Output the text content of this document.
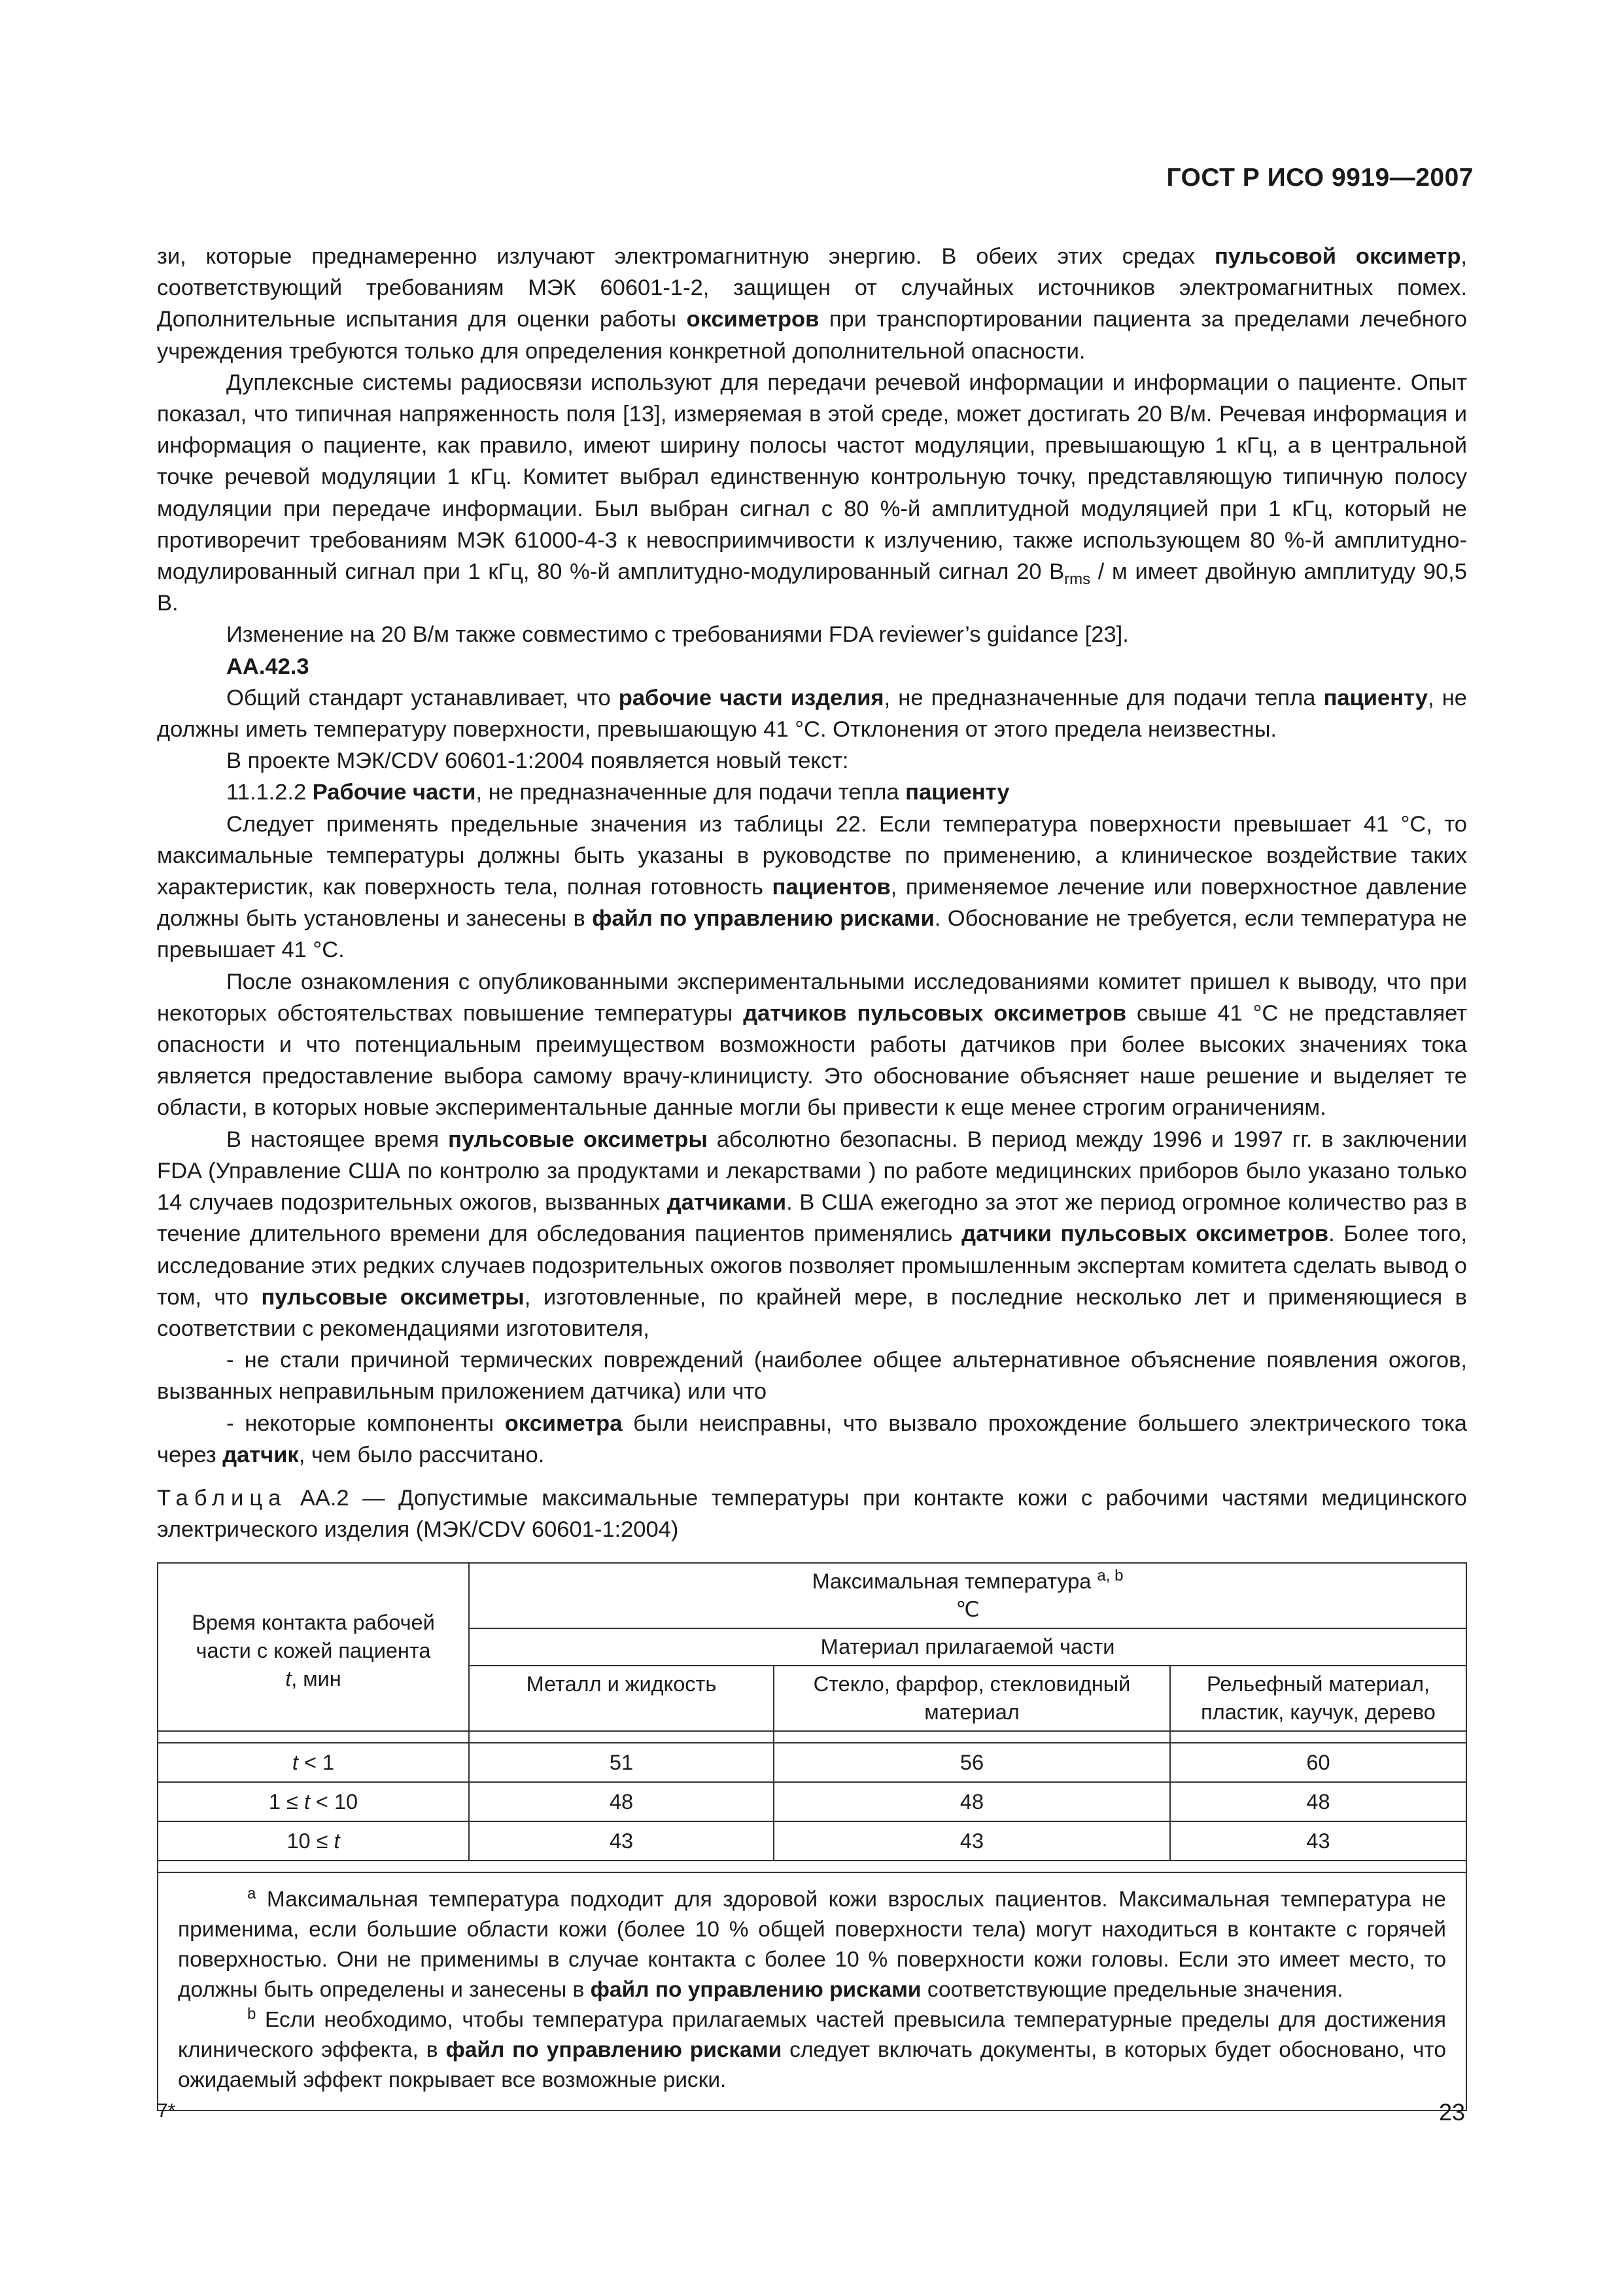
ГОСТ Р ИСО 9919—2007

зи, которые преднамеренно излучают электромагнитную энергию. В обеих этих средах пульсовой оксиметр, соответствующий требованиям МЭК 60601-1-2, защищен от случайных источников электромагнитных помех. Дополнительные испытания для оценки работы оксиметров при транспортировании пациента за пределами лечебного учреждения требуются только для определения конкретной дополнительной опасности.

Дуплексные системы радиосвязи используют для передачи речевой информации и информации о пациенте. Опыт показал, что типичная напряженность поля [13], измеряемая в этой среде, может достигать 20 В/м. Речевая информация и информация о пациенте, как правило, имеют ширину полосы частот модуляции, превышающую 1 кГц, а в центральной точке речевой модуляции 1 кГц. Комитет выбрал единственную контрольную точку, представляющую типичную полосу модуляции при передаче информации. Был выбран сигнал с 80 %-й амплитудной модуляцией при 1 кГц, который не противоречит требованиям МЭК 61000-4-3 к невосприимчивости к излучению, также использующем 80 %-й амплитудно-модулированный сигнал при 1 кГц, 80 %-й амплитудно-модулированный сигнал 20 $В_{rms}$ / м имеет двойную амплитуду 90,5 В.

Изменение на 20 В/м также совместимо с требованиями FDA reviewer’s guidance [23].

АА.42.3

Общий стандарт устанавливает, что рабочие части изделия, не предназначенные для подачи тепла пациенту, не должны иметь температуру поверхности, превышающую 41 °С. Отклонения от этого предела неизвестны.

В проекте МЭК/CDV 60601-1:2004 появляется новый текст:

11.1.2.2 Рабочие части, не предназначенные для подачи тепла пациенту

Следует применять предельные значения из таблицы 22. Если температура поверхности превышает 41 °С, то максимальные температуры должны быть указаны в руководстве по применению, а клиническое воздействие таких характеристик, как поверхность тела, полная готовность пациентов, применяемое лечение или поверхностное давление должны быть установлены и занесены в файл по управлению рисками. Обоснование не требуется, если температура не превышает 41 °С.

После ознакомления с опубликованными экспериментальными исследованиями комитет пришел к выводу, что при некоторых обстоятельствах повышение температуры датчиков пульсовых оксиметров свыше 41 °С не представляет опасности и что потенциальным преимуществом возможности работы датчиков при более высоких значениях тока является предоставление выбора самому врачу-клиницисту. Это обоснование объясняет наше решение и выделяет те области, в которых новые экспериментальные данные могли бы привести к еще менее строгим ограничениям.

В настоящее время пульсовые оксиметры абсолютно безопасны. В период между 1996 и 1997 гг. в заключении FDA (Управление США по контролю за продуктами и лекарствами ) по работе медицинских приборов было указано только 14 случаев подозрительных ожогов, вызванных датчиками. В США ежегодно за этот же период огромное количество раз в течение длительного времени для обследования пациентов применялись датчики пульсовых оксиметров. Более того, исследование этих редких случаев подозрительных ожогов позволяет промышленным экспертам комитета сделать вывод о том, что пульсовые оксиметры, изготовленные, по крайней мере, в последние несколько лет и применяющиеся в соответствии с рекомендациями изготовителя,

- не стали причиной термических повреждений (наиболее общее альтернативное объяснение появления ожогов, вызванных неправильным приложением датчика) или что

- некоторые компоненты оксиметра были неисправны, что вызвало прохождение большего электрического тока через датчик, чем было рассчитано.

Таблица АА.2 — Допустимые максимальные температуры при контакте кожи с рабочими частями медицинского электрического изделия (МЭК/CDV 60601-1:2004)

Время контакта рабочей части с кожей пациента
t, мин	Максимальная температура $^{a, b}$
℃		
	Материал прилагаемой части		
	Металл и жидкость	Стекло, фарфор, стекловидный материал	Рельефный материал, пластик, каучук, дерево

t < 1	51	56	60
1 ≤ t < 10	48	48	48
10 ≤ t	43	43	43

$^a$ Максимальная температура подходит для здоровой кожи взрослых пациентов. Максимальная температура не применима, если большие области кожи (более 10 % общей поверхности тела) могут находиться в контакте с горячей поверхностью. Они не применимы в случае контакта с более 10 % поверхности кожи головы. Если это имеет место, то должны быть определены и занесены в файл по управлению рисками соответствующие предельные значения.

$^b$ Если необходимо, чтобы температура прилагаемых частей превысила температурные пределы для достижения клинического эффекта, в файл по управлению рисками следует включать документы, в которых будет обосновано, что ожидаемый эффект покрывает все возможные риски.			

7*	23
